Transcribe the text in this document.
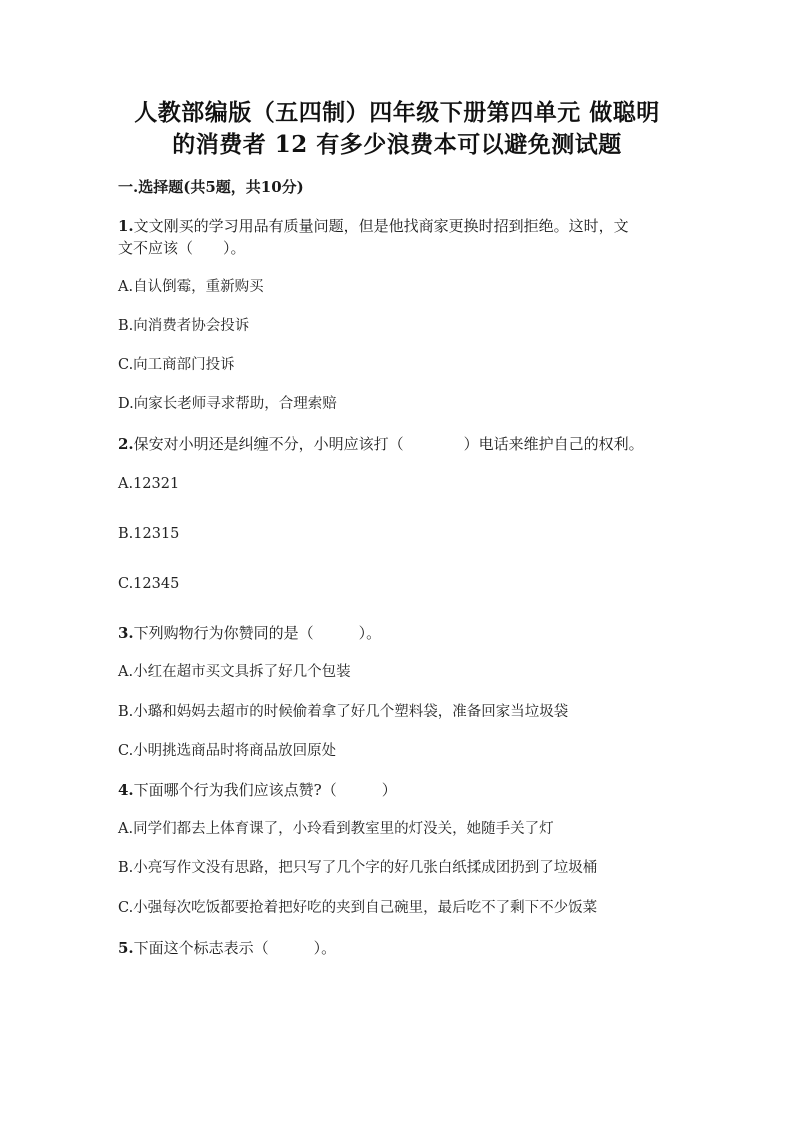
人教部编版（五四制）四年级下册第四单元 做聪明
的消费者 12 有多少浪费本可以避免测试题
一.选择题(共5题，共10分)
1.文文刚买的学习用品有质量问题，但是他找商家更换时招到拒绝。这时，文
文不应该（　　）。
A.自认倒霉，重新购买
B.向消费者协会投诉
C.向工商部门投诉
D.向家长老师寻求帮助，合理索赔
2.保安对小明还是纠缠不分，小明应该打（　　　　）电话来维护自己的权利。
A.12321
B.12315
C.12345
3.下列购物行为你赞同的是（　　　）。
A.小红在超市买文具拆了好几个包装
B.小璐和妈妈去超市的时候偷着拿了好几个塑料袋，准备回家当垃圾袋
C.小明挑选商品时将商品放回原处
4.下面哪个行为我们应该点赞?（　　　）
A.同学们都去上体育课了，小玲看到教室里的灯没关，她随手关了灯
B.小亮写作文没有思路，把只写了几个字的好几张白纸揉成团扔到了垃圾桶
C.小强每次吃饭都要抢着把好吃的夹到自己碗里，最后吃不了剩下不少饭菜
5.下面这个标志表示（　　　）。
